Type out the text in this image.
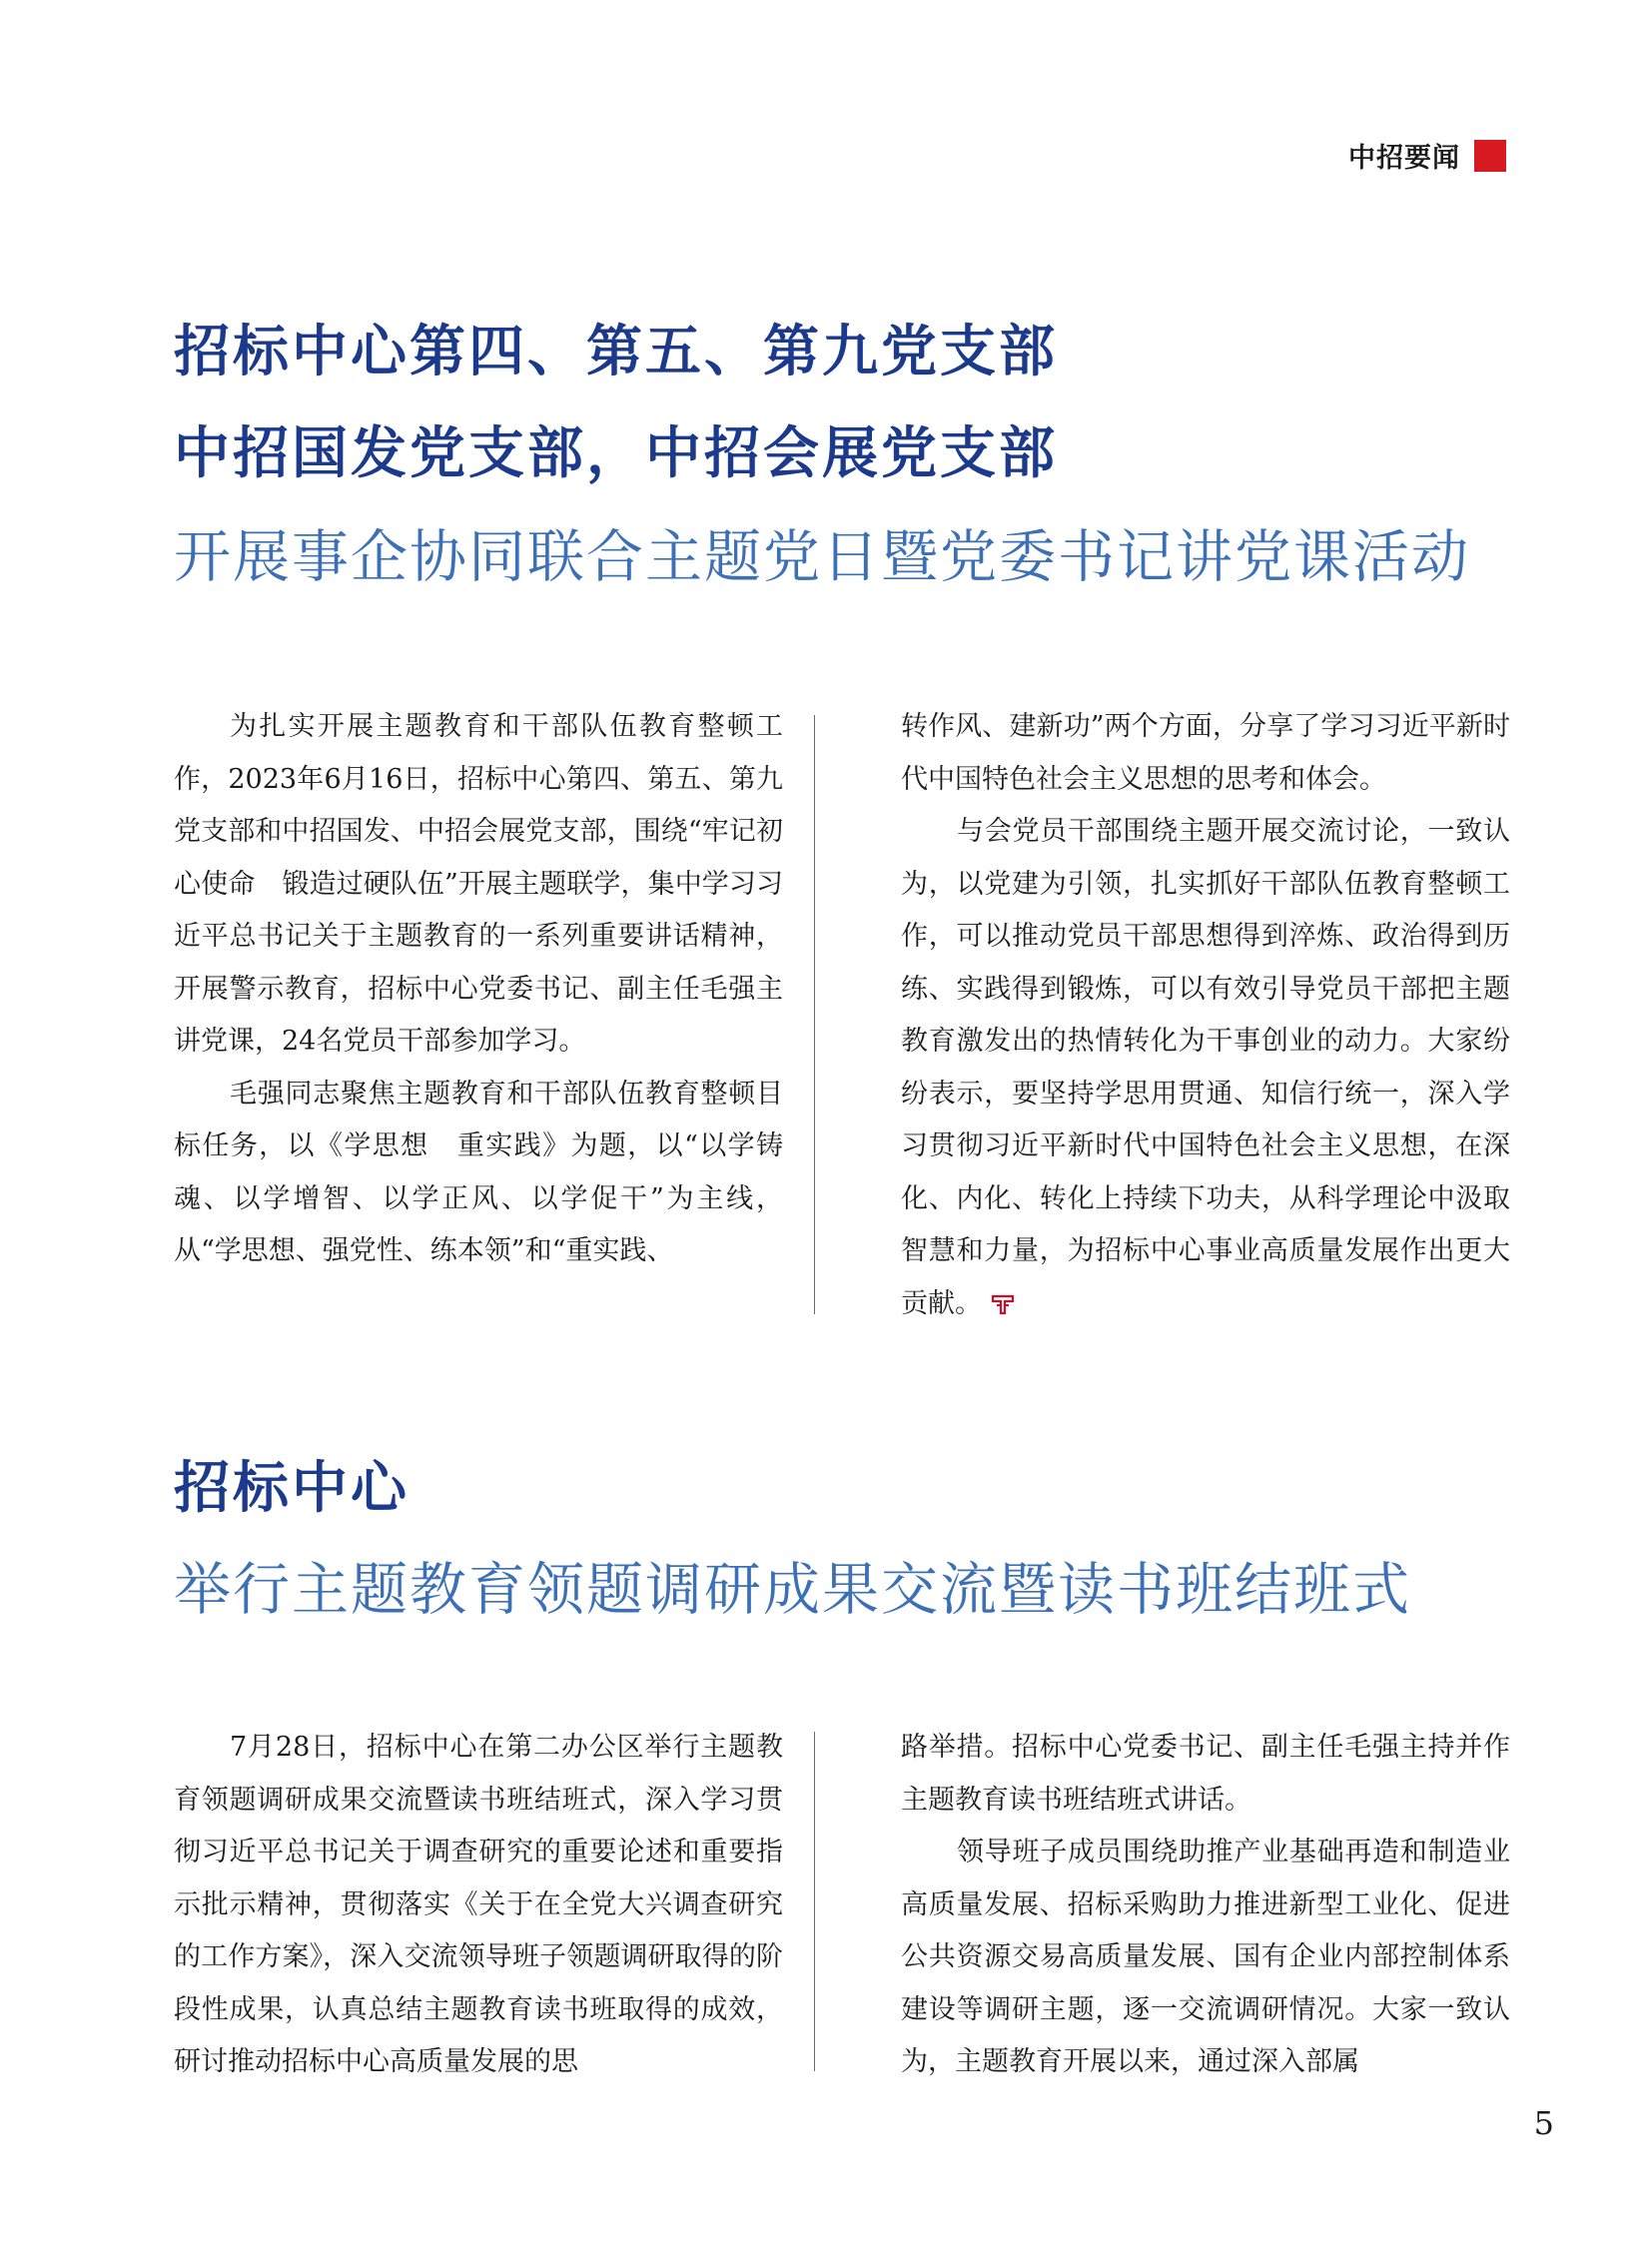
中招要闻
招标中心第四、第五、第九党支部
中招国发党支部，中招会展党支部
开展事企协同联合主题党日暨党委书记讲党课活动

为扎实开展主题教育和干部队伍教育整顿工作，2023年6月16日，招标中心第四、第五、第九党支部和中招国发、中招会展党支部，围绕“牢记初心使命　锻造过硬队伍”开展主题联学，集中学习习近平总书记关于主题教育的一系列重要讲话精神，开展警示教育，招标中心党委书记、副主任毛强主讲党课，24名党员干部参加学习。

毛强同志聚焦主题教育和干部队伍教育整顿目标任务，以《学思想　重实践》为题，以“以学铸魂、以学增智、以学正风、以学促干”为主线，从“学思想、强党性、练本领”和“重实践、

转作风、建新功”两个方面，分享了学习习近平新时代中国特色社会主义思想的思考和体会。

与会党员干部围绕主题开展交流讨论，一致认为，以党建为引领，扎实抓好干部队伍教育整顿工作，可以推动党员干部思想得到淬炼、政治得到历练、实践得到锻炼，可以有效引导党员干部把主题教育激发出的热情转化为干事创业的动力。大家纷纷表示，要坚持学思用贯通、知信行统一，深入学习贯彻习近平新时代中国特色社会主义思想，在深化、内化、转化上持续下功夫，从科学理论中汲取智慧和力量，为招标中心事业高质量发展作出更大贡献。

招标中心
举行主题教育领题调研成果交流暨读书班结班式

7月28日，招标中心在第二办公区举行主题教育领题调研成果交流暨读书班结班式，深入学习贯彻习近平总书记关于调查研究的重要论述和重要指示批示精神，贯彻落实《关于在全党大兴调查研究的工作方案》，深入交流领导班子领题调研取得的阶段性成果，认真总结主题教育读书班取得的成效，研讨推动招标中心高质量发展的思

路举措。招标中心党委书记、副主任毛强主持并作主题教育读书班结班式讲话。

领导班子成员围绕助推产业基础再造和制造业高质量发展、招标采购助力推进新型工业化、促进公共资源交易高质量发展、国有企业内部控制体系建设等调研主题，逐一交流调研情况。大家一致认为，主题教育开展以来，通过深入部属

5
